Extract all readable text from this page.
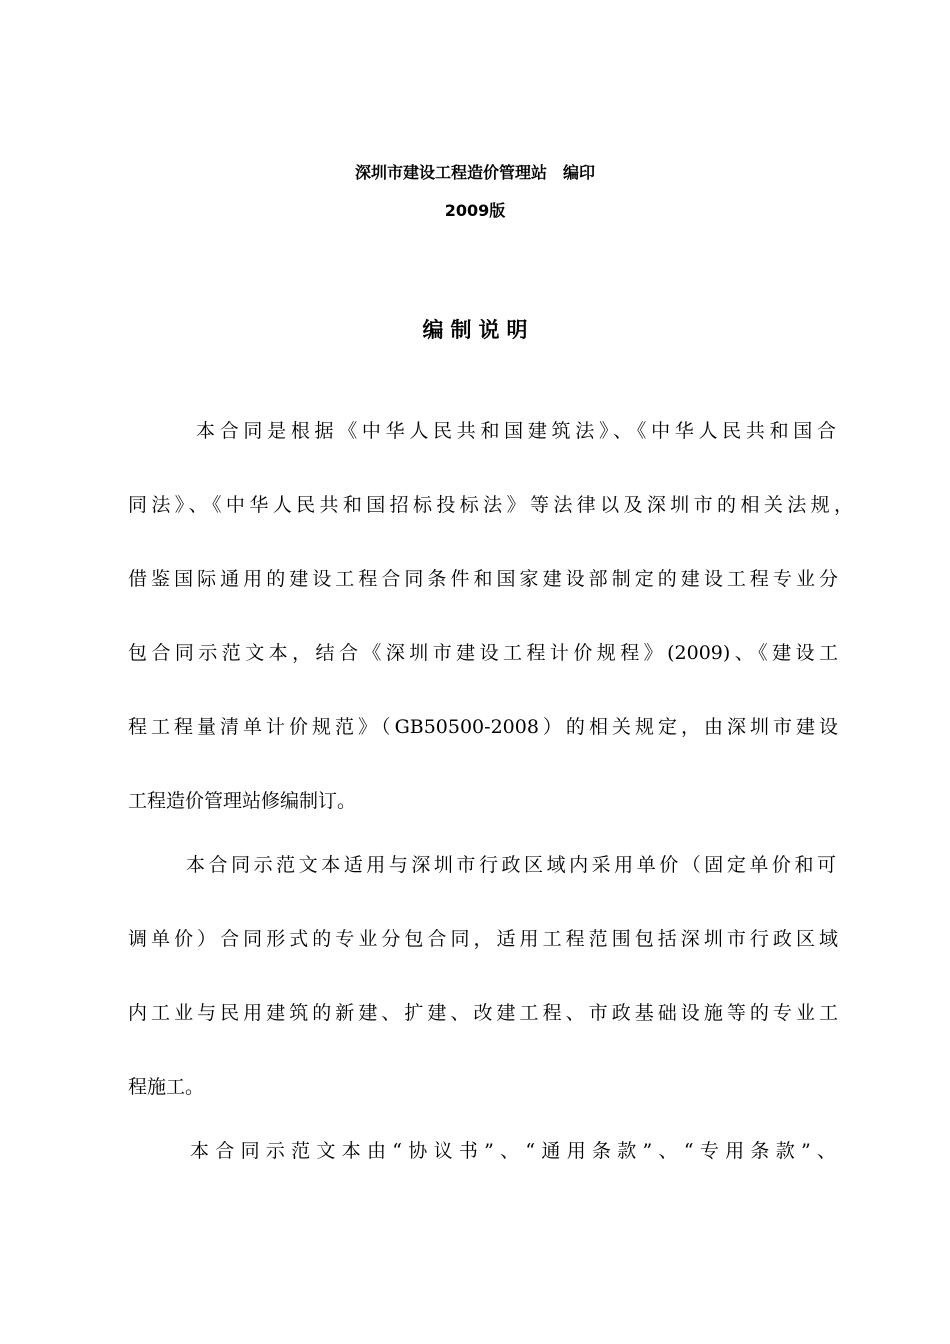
深圳市建设工程造价管理站　编印
2009版
编制说明
本合同是根据《中华人民共和国建筑法》、《中华人民共和国合
同法》、《中华人民共和国招标投标法》等法律以及深圳市的相关法规，
借鉴国际通用的建设工程合同条件和国家建设部制定的建设工程专业分
包合同示范文本，结合《深圳市建设工程计价规程》(2009)、《建设工
程工程量清单计价规范》（GB50500-2008）的相关规定，由深圳市建设
工程造价管理站修编制订。
本合同示范文本适用与深圳市行政区域内采用单价（固定单价和可
调单价）合同形式的专业分包合同，适用工程范围包括深圳市行政区域
内工业与民用建筑的新建、扩建、改建工程、市政基础设施等的专业工
程施工。
本合同示范文本由“协议书”、“通用条款”、“专用条款”、
